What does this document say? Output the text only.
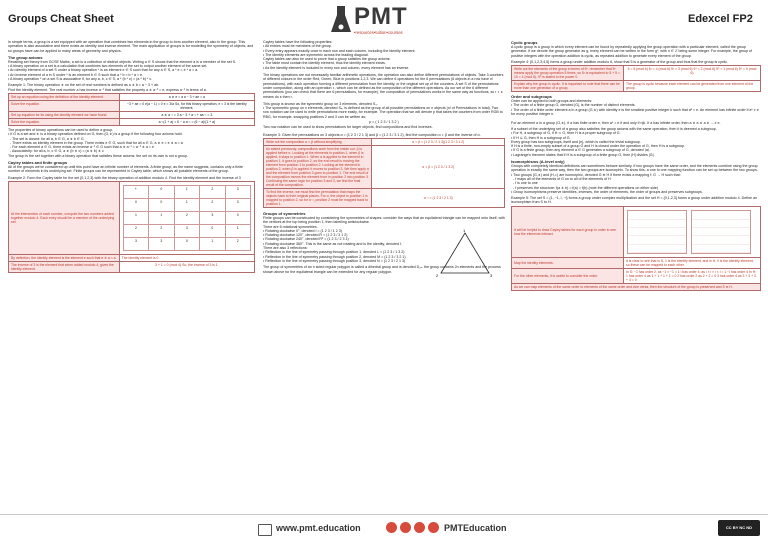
Groups Cheat Sheet	Edexcel FP2
PMT
•resources•tuition•courses
In simple terms, a group is a set equipped with an operation that combines two elements in the group to form another element, also in the group. This operation is also associative and there exists an identity and inverse element. The main application of groups is for modelling the symmetry of objects, and so groups have can be applied to many areas of geometry and physics.
The group axioms
Recalling set theory from GCSE Maths, a set is a collection of distinct objects. Writing a ∈ S shows that the element a is a member of the set S.
• A binary operation on a set is a calculation that combines two elements of the set to output another element of the same set.
• An identity element of a set S under a binary operation * is an element e ∈ S such that for any a ∈ S, a * e = e * a = a.
• An inverse element of a in S under * is an element b ∈ S such that a * b = b * a = e.
• A binary operation * on a set S is associative if, for any a, b, c ∈ S, a * (b * c) = (a * b) * c.
Example 1: The binary operation ∗ on the set of real numbers is defined as a ∗ b = a − 3 + ab.
Find the identity element. The real number a has inverse a⁻¹ that satisfies the property a ∗ a⁻¹ = e, express a⁻¹ in terms of a.
Set up an equation using the definition of the identity element.	a ∗ e = a a − 3 + ae = a
Solve the equation.	−3 + ae = 0 e(a − 1) = 0 e = 3/a So, for this binary operation, e = 3 is the identity element.
Set up equation for its using the identity element we have found.	a ∗ a⁻¹ = 3 a − 3 + a⁻¹ + aa⁻¹ = 3
Solve the equation.	a⁻¹(1 + a) = 6 − a a⁻¹ = (6 − a)/(1 + a)
The properties of binary operations can be used to define a group.
• If G is a set and ∗ is a binary operation defined on G, then (G,∗) is a group if the following four axioms hold:
- The set is closed: for all a, b ∈ G, a ∗ b ∈ G
- There exists an identity element in the group. There exists e ∈ G, such that for all a ∈ G, a ∗ e = e ∗ a = a
- For each element a ∈ G, there exists an inverse a⁻¹ ∈ G such that a ∗ a⁻¹ = a⁻¹ ∗ a = e
- Associativity: for all a, b, c ∈ G, a ∗ (b ∗ c) = (a ∗ b) ∗ c
The group is the set together with a binary operation that satisfies these axioms: the set on its own is not a group.
Cayley tables and finite groups
All of the groups we've considered up until this point have an infinite number of elements. A finite group, as the name suggests, contains only a finite number of elements in its underlying set. Finite groups can be represented in Cayley table, which shows all possible elements of the group.
Example 2: Form the Cayley table for the set {0,1,2,3} with the binary operation of addition modulo 4. Find the identity element and the inverse of 3
At the intersection of each number, compute the two numbers added together modulo 4. Each entry should be a member of the underlying set.	
+	0	1	2	3
0	0	1	2	3
1	1	2	3	0
2	2	3	0	1
3	3	0	1	2

By definition, the identity element is the element e such that e ∗ a = a.	The identity element is 0
The inverse of 3 is the element that when added modulo 4, gives the identity element.	3 + 1 = 0 (mod 4) So, the inverse of 3 is 1.
Cayley tables have the following properties:
• All entries must be members of the group.
• Every entry appears exactly once in each row and each column, including the identity element.
• The identity elements are symmetric across the leading diagonal.
Cayley tables can also be used to prove that a group satisfies the group axioms:
• The table must contain the identity element, thus the identity element exists.
• As the identity element is included in every row and column, every element has an inverse.
The binary operations are not necessarily familiar arithmetic operations, the operation can also define different permutations of objects. Take 3 counters of different colours in the order Red, Green, Blue in positions 1,2,3. We can define 6 operations for the 6 permutations (6 objects in a row have n! permutations), with each operation forming a different permutation from the identity, or the original set up of the counters. A set S of the permutations under composition, along with an operation ∘, which can be defined as the composition of the different operations. As our set of the 6 different permutations (you can check that there are 6 permutations, for example), the composition of permutations works in the same way as functions, so r ∘ s means do s then r.
This group is known as the symmetric group on 3 elements, denoted S₃.
• The symmetric group on n elements, denoted Sₙ, is defined as the group of all possible permutations on n objects (n! of Permutations in total). Two row notation can be used to write permutations more easily, for example. The operation that we will denote p that takes the counters from order RGB to RBG, for example, swapping positions 2 and 3 can be written as:
p = ( 1 2 3 / 1 3 2 )
Two row notation can be used to show permutations for larger objects, find compositions and find inverses.
Example 3: Given the permutations on 3 objects α = (1 2 3 / 2 1 3) and β = (1 2 3 / 3 1 2), find the composition α ∘ β and the inverse of α.
Write out the composition α ∘ β without simplifying.	α ∘ β = (1 2 3 / 2 1 3)(1 2 3 / 3 1 2)
As stated previously, compositions work from the inside out. β is applied before α. Looking at the elements in position 1, when β is applied, it stays in position 1. When α is applied to the element in position 1, it goes to position 2, so the end result is moving the element from position 1 to position 2. Looking at the element in position 2, when β is applied, it moves to position 3. We then apply α and the element from position 3 goes to position 1. The end result of the composition moves the element from in position 2 into position 3. Continuing the same logic for position 3 and 3, we find the final result of the composition.	α ∘ β = (1 2 3 / 1 3 2)
To find the inverse, we must find the permutation that maps the objects back to their original places. For α, the object in position 1 is mapped to position 2, so for α⁻¹, position 2 must be mapped back to position 1.	α⁻¹ = (1 2 3 / 2 1 3)
Groups of symmetries
Finite groups can be constructed by considering the symmetries of shapes: consider the ways that an equilateral triangle can be mapped onto itself, with the vertices at the top being position 1, then labelling anticlockwise.
There are 6 rotational symmetries.
• Rotating clockwise 0°, denoted I = (1 2 3 / 1 2 3)
• Rotating clockwise 120°, denoted R = (1 2 3 / 3 1 2)
• Rotating clockwise 240°, denoted R² = (1 2 3 / 2 3 1)
• Rotating clockwise 360°. This is the same as not rotating and is the identity, denoted I.
There are also 3 reflections:
• Reflection in the line of symmetry passing through position 1, denoted L = (1 2 3 / 1 3 2)
• Reflection in the line of symmetry passing through position 2, denoted M = (1 2 3 / 3 2 1)
• Reflection in the line of symmetry passing through position 3, denoted N = (1 2 3 / 2 1 3)
1
2	3
The group of symmetries of an n sided regular polygon is called a dihedral group and is denoted D₂ₙ. the group contains 2n elements and the process shown above for the equilateral triangle can be extended for any regular polygon.
Cyclic groups
A cyclic group is a group in which every element can be found by repeatedly applying the group operation with a particular element, called the group generator. If we denote the group generator as g, every element can be written in the form gⁿ, with n ∈ ℤ being some integer. For example, the group of positive integers with the operation addition is cyclic, as repeated addition to generate every element of the group.
Example 4: {0,1,2,3,4,5} forms a group under addition modulo 6, show that 5 is a generator of the group and thus that the group is cyclic.
Write out the elements of the group in terms of 5ⁿ, remember that 5ⁿ means apply the group operation 5 times, so 5² is equivalent to 5 + 5 = 10 = 4 (mod 6), 5⁰ is stated to the power 0.	5 = 5 (mod 6) 5² = 4 (mod 6) 5³ = 3 (mod 6) 5⁴ = 2 (mod 6) 5⁵ = 1 (mod 6) 5⁶ = 0 (mod 6)
Explain why the group is cyclic. It is important to note that there can be more than one generator of a group.	The group is cyclic because each element can be generated from one element of the group.
Order and subgroups
Order can be applied to both groups and elements:
• The order of a finite group G, denoted |G|, is the number of distinct elements.
• The order of a finite order element a in a group (G,∗) with identity e is the smallest positive integer k such that aᵏ = e. An element has infinite order if aⁿ ≠ e for every positive integer n.

For an element a in a group (G,∗), if a has finite order n, then aⁿ = e if and only if n|k. If a has infinite order, then a ∗ a ∗ a ∗ ... ≠ e.
If a subset of the underlying set of a group also satisfies the group axioms with the same operation, then it is deemed a subgroup.
• For H, a subgroup of G, if H ⊂ G, then H is a proper subgroup of G.
• If H ⊆ G, then H is a subgroup of G.
Every group has two subgroups, itself and {e}, which is called the trivial subgroup.
If H is a finite, non-empty subset of a group G and H is closed under the operation of G, then H is a subgroup.
• If G is a finite group, then any element a ∈ G generates a subgroup of G, denoted ⟨a⟩.
• Lagrange's theorem states that if H is a subgroup of a finite group G, then |H| divides |G|.
Isomorphisms (A-level only)
Groups with completely identical definitions can sometimes behave similarly. If two groups have the same order, and the elements combine using the group operation in exactly the same way, then the two groups are isomorphic. To show this, a one to one mapping function can be set up between the two groups.
• Two groups (G,∗) and (H,∘) are isomorphic, denoted G ≅ H if there exists a mapping f: G → H such that:
- f maps all of the elements of G on to all of the elements of H
- f is one to one
- f preserves the structure: f(a ∗ b) = f(a) ∘ f(b) (note the different operations on either side)
• Group isomorphisms preserve identities, inverses, the order of elements, the order of groups and preserves subgroups.
Example 5: The set S = {1, −1, i, −i} forms a group under complex multiplication and the set H = {0,1,2,3} forms a group under addition modulo 4. Define an isomorphism from S to H.
It will be helpful to draw Cayley tables for each group in order to see how the elements interact.	

Map the identity elements.	It is clear to see that in S, 1 is the identity element, and in H, 0 is the identity element, so these can be mapped to each other.
For the other elements, it is useful to consider the order.	In S: −1 has order 2, as −1 × −1 = 1 i has order 4, as i × i × i × i = 1 −i has order 4 In H: 1 has order 4 as 1 + 1 + 1 + 1 = 0 2 has order 2 as 2 + 2 = 0 3 has order 4 as 3 + 3 + 3 + 3 = 0
As we can map elements of the same order to elements of the same order and vice versa, then the structure of the group is preserved and S ≅ H.	
www.pmt.education	PMTEducation	CC BY NC ND
